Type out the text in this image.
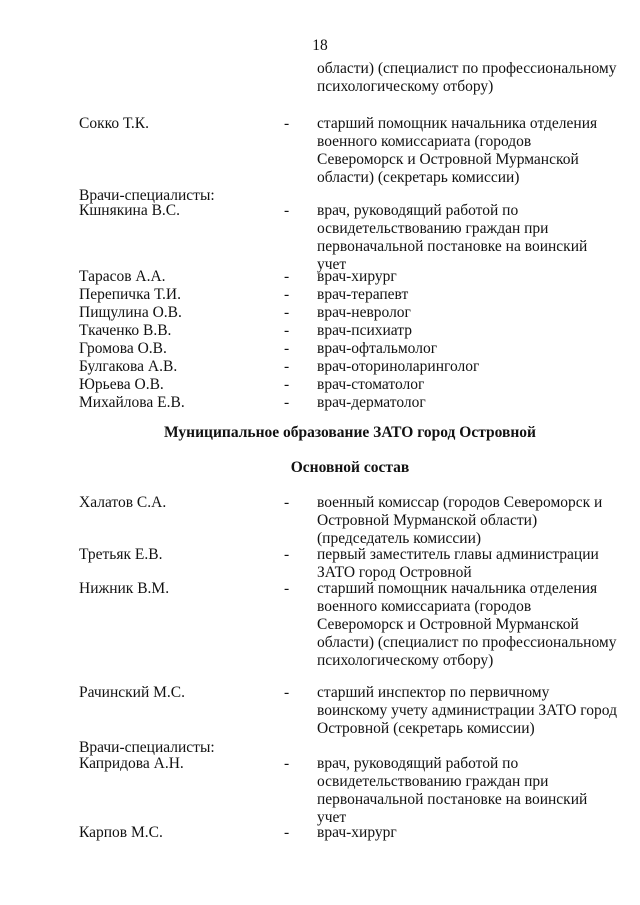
18
области) (специалист по профессиональному психологическому отбору)
Сокко Т.К.	- старший помощник начальника отделения военного комиссариата (городов Североморск и Островной Мурманской области) (секретарь комиссии)
Врачи-специалисты:
Кшнякина В.С.	- врач, руководящий работой по освидетельствованию граждан при первоначальной постановке на воинский учет
Тарасов А.А.	- врач-хирург
Перепичка Т.И.	- врач-терапевт
Пищулина О.В.	- врач-невролог
Ткаченко В.В.	- врач-психиатр
Громова О.В.	- врач-офтальмолог
Булгакова А.В.	- врач-оториноларинголог
Юрьева О.В.	- врач-стоматолог
Михайлова Е.В.	- врач-дерматолог
Муниципальное образование ЗАТО город Островной
Основной состав
Халатов С.А.	- военный комиссар (городов Североморск и Островной Мурманской области) (председатель комиссии)
Третьяк Е.В.	- первый заместитель главы администрации ЗАТО город Островной
Нижник В.М.	- старший помощник начальника отделения военного комиссариата (городов Североморск и Островной Мурманской области) (специалист по профессиональному психологическому отбору)
Рачинский М.С.	- старший инспектор по первичному воинскому учету администрации ЗАТО город Островной (секретарь комиссии)
Врачи-специалисты:
Капридова А.Н.	- врач, руководящий работой по освидетельствованию граждан при первоначальной постановке на воинский учет
Карпов М.С.	- врач-хирург
